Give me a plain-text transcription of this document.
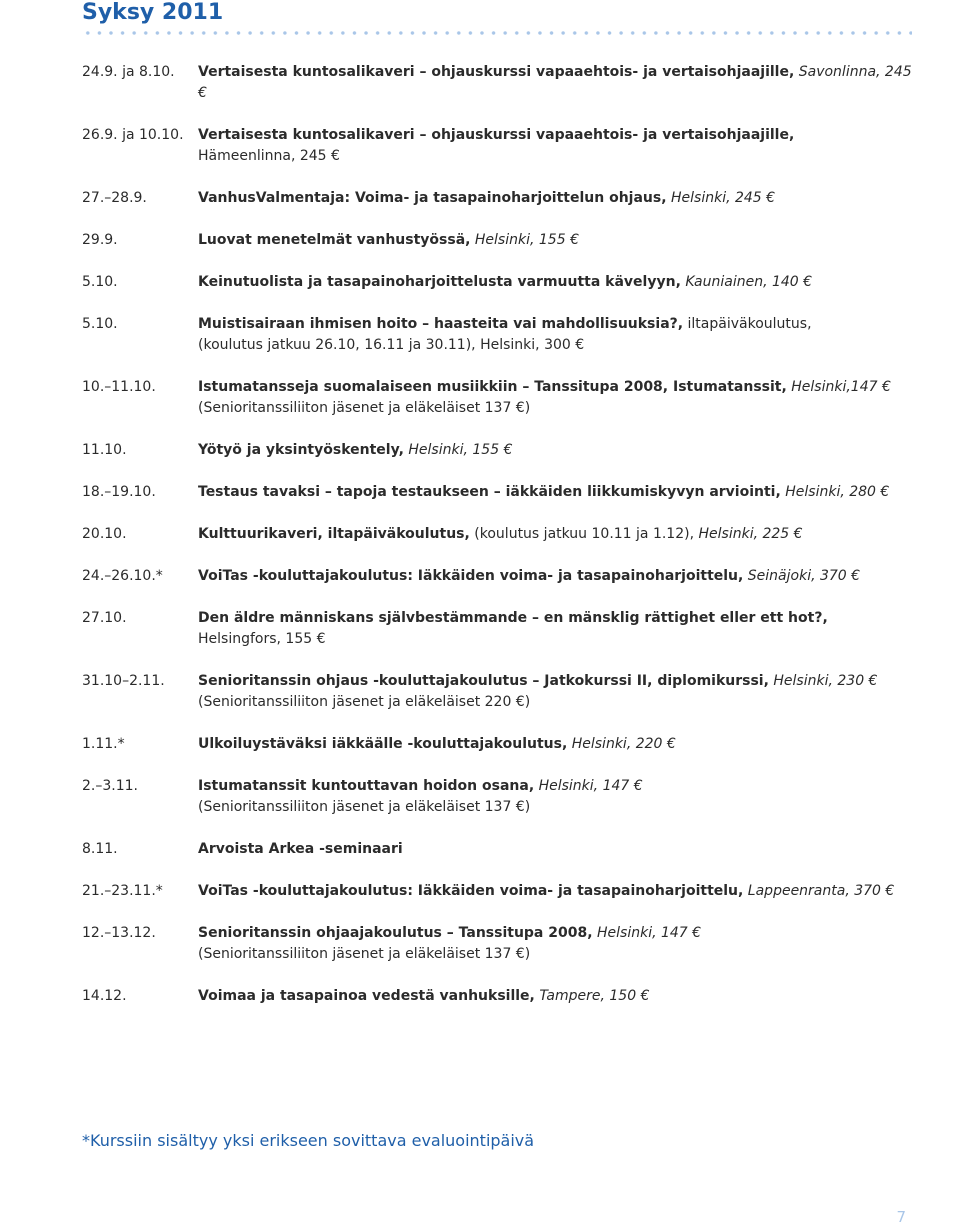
Syksy 2011
24.9. ja 8.10.	Vertaisesta kuntosalikaveri – ohjauskurssi vapaaehtois- ja vertaisohjaajille, Savonlinna, 245 €
26.9. ja 10.10.	Vertaisesta kuntosalikaveri – ohjauskurssi vapaaehtois- ja vertaisohjaajille,
Hämeenlinna, 245 €
27.–28.9.	VanhusValmentaja: Voima- ja tasapainoharjoittelun ohjaus, Helsinki, 245 €
29.9.	Luovat menetelmät vanhustyössä, Helsinki, 155 €
5.10.	Keinutuolista ja tasapainoharjoittelusta varmuutta kävelyyn, Kauniainen, 140 €
5.10.	Muistisairaan ihmisen hoito – haasteita vai mahdollisuuksia?, iltapäiväkoulutus,
(koulutus jatkuu 26.10, 16.11 ja 30.11), Helsinki, 300 €
10.–11.10.	Istumatansseja suomalaiseen musiikkiin – Tanssitupa 2008, Istumatanssit, Helsinki,147 €
(Senioritanssiliiton jäsenet ja eläkeläiset 137 €)
11.10.	Yötyö ja yksintyöskentely, Helsinki, 155 €
18.–19.10.	Testaus tavaksi – tapoja testaukseen – iäkkäiden liikkumiskyvyn arviointi, Helsinki, 280 €
20.10.	Kulttuurikaveri, iltapäiväkoulutus, (koulutus jatkuu 10.11 ja 1.12), Helsinki, 225 €
24.–26.10.*	VoiTas -kouluttajakoulutus: Iäkkäiden voima- ja tasapainoharjoittelu, Seinäjoki, 370 €
27.10.	Den äldre människans självbestämmande – en mänsklig rättighet eller ett hot?,
Helsingfors, 155 €
31.10–2.11.	Senioritanssin ohjaus -kouluttajakoulutus – Jatkokurssi II, diplomikurssi, Helsinki, 230 €
(Senioritanssiliiton jäsenet ja eläkeläiset 220 €)
1.11.*	Ulkoiluystäväksi iäkkäälle -kouluttajakoulutus, Helsinki, 220 €
2.–3.11.	Istumatanssit kuntouttavan hoidon osana, Helsinki, 147 €
(Senioritanssiliiton jäsenet ja eläkeläiset 137 €)
8.11.	Arvoista Arkea -seminaari
21.–23.11.*	VoiTas -kouluttajakoulutus: Iäkkäiden voima- ja tasapainoharjoittelu, Lappeenranta, 370 €
12.–13.12.	Senioritanssin ohjaajakoulutus – Tanssitupa 2008, Helsinki, 147 €
(Senioritanssiliiton jäsenet ja eläkeläiset 137 €)
14.12.	Voimaa ja tasapainoa vedestä vanhuksille, Tampere, 150 €
*Kurssiin sisältyy yksi erikseen sovittava evaluointipäivä
7
